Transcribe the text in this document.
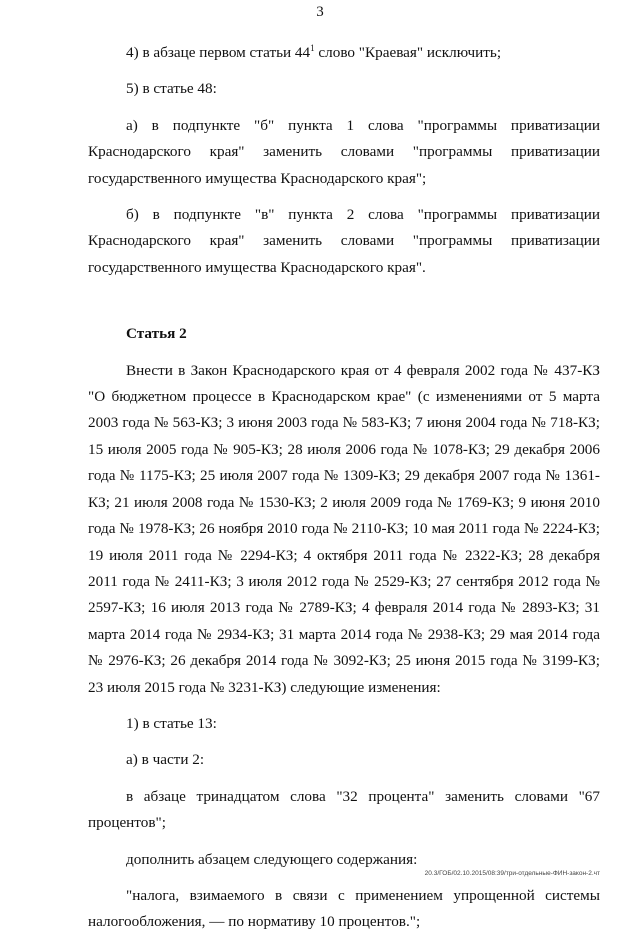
3

4) в абзаце первом статьи $44^1$ слово "Краевая" исключить;

5) в статье 48:

а) в подпункте "б" пункта 1 слова "программы приватизации Краснодарского края" заменить словами "программы приватизации государственного имущества Краснодарского края";

б) в подпункте "в" пункта 2 слова "программы приватизации Краснодарского края" заменить словами "программы приватизации государственного имущества Краснодарского края".

Статья 2

Внести в Закон Краснодарского края от 4 февраля 2002 года № 437-КЗ "О бюджетном процессе в Краснодарском крае" (с изменениями от 5 марта 2003 года № 563-КЗ; 3 июня 2003 года № 583-КЗ; 7 июня 2004 года № 718-КЗ; 15 июля 2005 года № 905-КЗ; 28 июля 2006 года № 1078-КЗ; 29 декабря 2006 года № 1175-КЗ; 25 июля 2007 года № 1309-КЗ; 29 декабря 2007 года № 1361-КЗ; 21 июля 2008 года № 1530-КЗ; 2 июля 2009 года № 1769-КЗ; 9 июня 2010 года № 1978-КЗ; 26 ноября 2010 года № 2110-КЗ; 10 мая 2011 года № 2224-КЗ; 19 июля 2011 года № 2294-КЗ; 4 октября 2011 года № 2322-КЗ; 28 декабря 2011 года № 2411-КЗ; 3 июля 2012 года № 2529-КЗ; 27 сентября 2012 года № 2597-КЗ; 16 июля 2013 года № 2789-КЗ; 4 февраля 2014 года № 2893-КЗ; 31 марта 2014 года № 2934-КЗ; 31 марта 2014 года № 2938-КЗ; 29 мая 2014 года № 2976-КЗ; 26 декабря 2014 года № 3092-КЗ; 25 июня 2015 года № 3199-КЗ; 23 июля 2015 года № 3231-КЗ) следующие изменения:

1) в статье 13:

а) в части 2:

в абзаце тринадцатом слова "32 процента" заменить словами "67 процентов";

дополнить абзацем следующего содержания:

"налога, взимаемого в связи с применением упрощенной системы налогообложения, — по нормативу 10 процентов.";

20.3/ГОБ/02.10.2015/08:39/три-отдельные-ФИН-закон-2.чт
